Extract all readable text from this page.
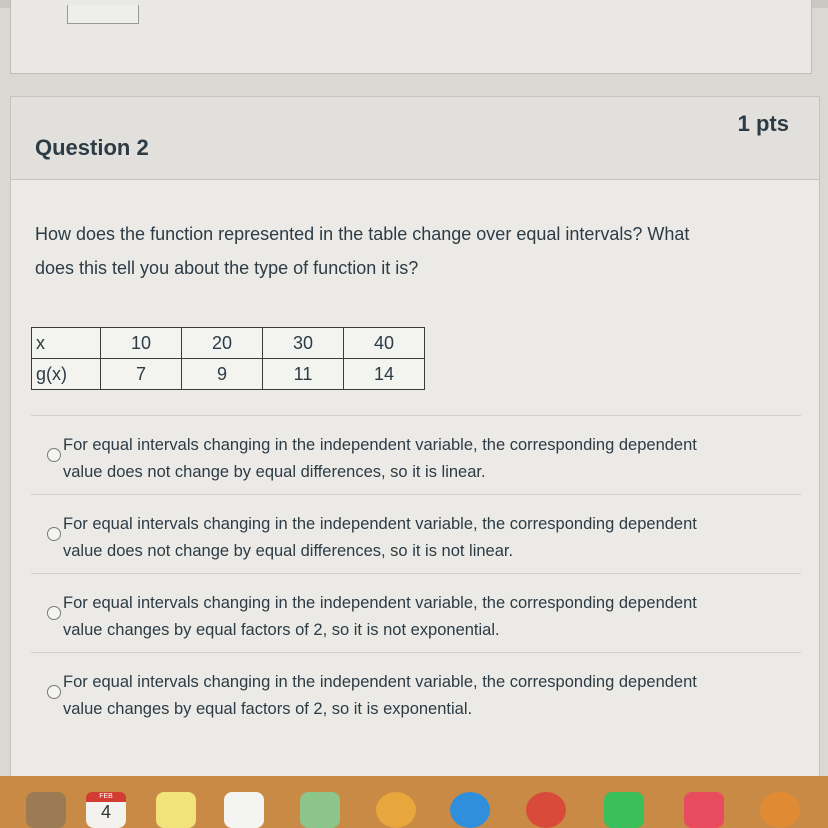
Question 2
1 pts
How does the function represented in the table change over equal intervals? What
does this tell you about the type of function it is?
x	10	20	30	40
g(x)	7	9	11	14
For equal intervals changing in the independent variable, the corresponding dependent
value does not change by equal differences, so it is linear.
For equal intervals changing in the independent variable, the corresponding dependent
value does not change by equal differences, so it is not linear.
For equal intervals changing in the independent variable, the corresponding dependent
value changes by equal factors of 2, so it is not exponential.
For equal intervals changing in the independent variable, the corresponding dependent
value changes by equal factors of 2, so it is exponential.
FEB
4
